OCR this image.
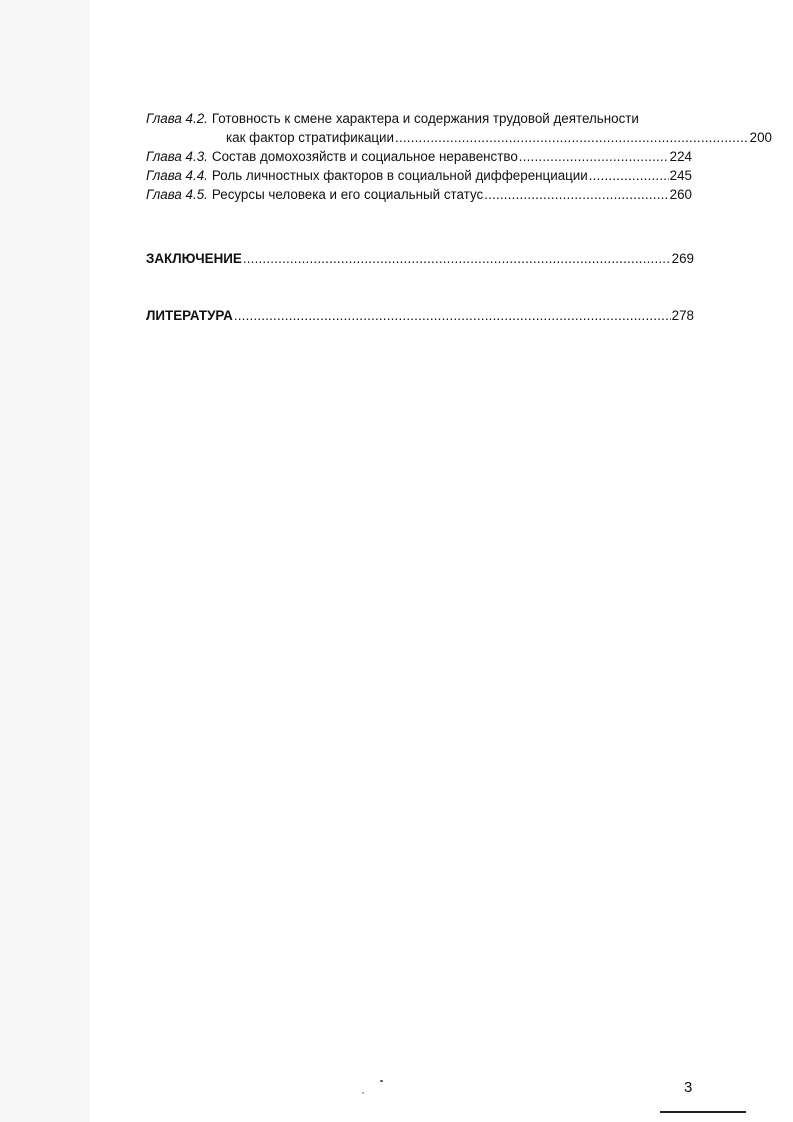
Глава 4.2. Готовность к смене характера и содержания трудовой деятельности
как фактор стратификации .....	200
Глава 4.3. Состав домохозяйств и социальное неравенство .....	224
Глава 4.4. Роль личностных факторов в социальной дифференциации .....	245
Глава 4.5. Ресурсы человека и его социальный статус .....	260
ЗАКЛЮЧЕНИЕ .....	269
ЛИТЕРАТУРА .....	278
3
